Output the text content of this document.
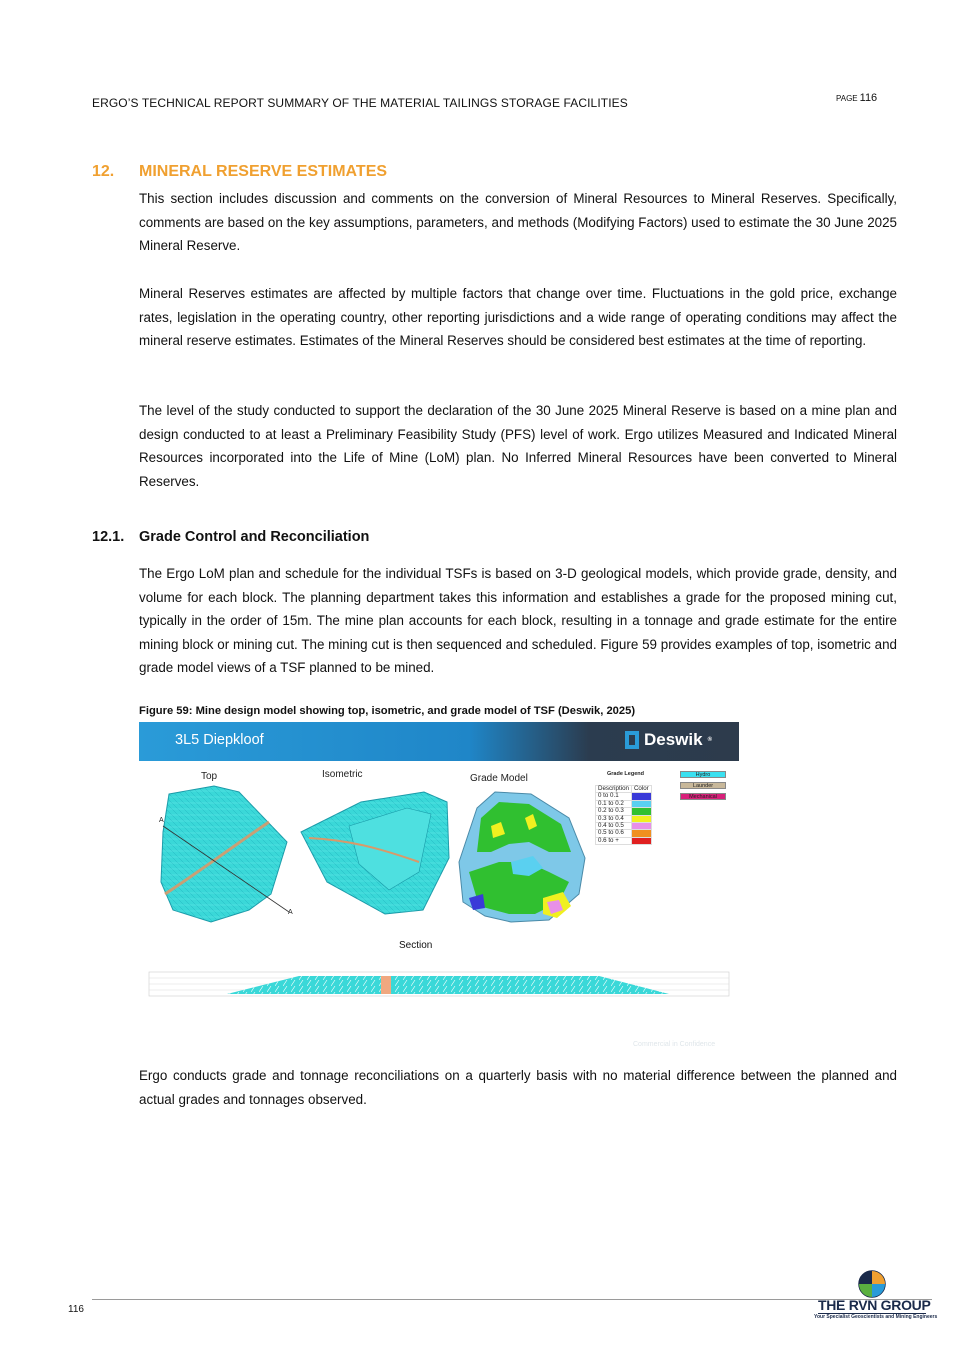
ERGO’S TECHNICAL REPORT SUMMARY OF THE MATERIAL TAILINGS STORAGE FACILITIES	PAGE 116
12. MINERAL RESERVE ESTIMATES

This section includes discussion and comments on the conversion of Mineral Resources to Mineral Reserves. Specifically, comments are based on the key assumptions, parameters, and methods (Modifying Factors) used to estimate the 30 June 2025 Mineral Reserve.

Mineral Reserves estimates are affected by multiple factors that change over time. Fluctuations in the gold price, exchange rates, legislation in the operating country, other reporting jurisdictions and a wide range of operating conditions may affect the mineral reserve estimates. Estimates of the Mineral Reserves should be considered best estimates at the time of reporting.

The level of the study conducted to support the declaration of the 30 June 2025 Mineral Reserve is based on a mine plan and design conducted to at least a Preliminary Feasibility Study (PFS) level of work. Ergo utilizes Measured and Indicated Mineral Resources incorporated into the Life of Mine (LoM) plan. No Inferred Mineral Resources have been converted to Mineral Reserves.

12.1. Grade Control and Reconciliation

The Ergo LoM plan and schedule for the individual TSFs is based on 3-D geological models, which provide grade, density, and volume for each block. The planning department takes this information and establishes a grade for the proposed mining cut, typically in the order of 15m. The mine plan accounts for each block, resulting in a tonnage and grade estimate for the entire mining block or mining cut. The mining cut is then sequenced and scheduled. Figure 59 provides examples of top, isometric and grade model views of a TSF planned to be mined.

Figure 59: Mine design model showing top, isometric, and grade model of TSF (Deswik, 2025)
3L5 Diepkloof	Deswik ®
Top	Isometric	Grade Model
A
A
Section
Grade Legend
Description	Color
0 to 0.1	
0.1 to 0.2	
0.2 to 0.3	
0.3 to 0.4	
0.4 to 0.5	
0.5 to 0.6	
0.6 to +	
Hydro
Launder
Mechanical
Commercial in Confidence

Ergo conducts grade and tonnage reconciliations on a quarterly basis with no material difference between the planned and actual grades and tonnages observed.

116	THE RVN GROUP
Your Specialist Geoscientists and Mining Engineers
